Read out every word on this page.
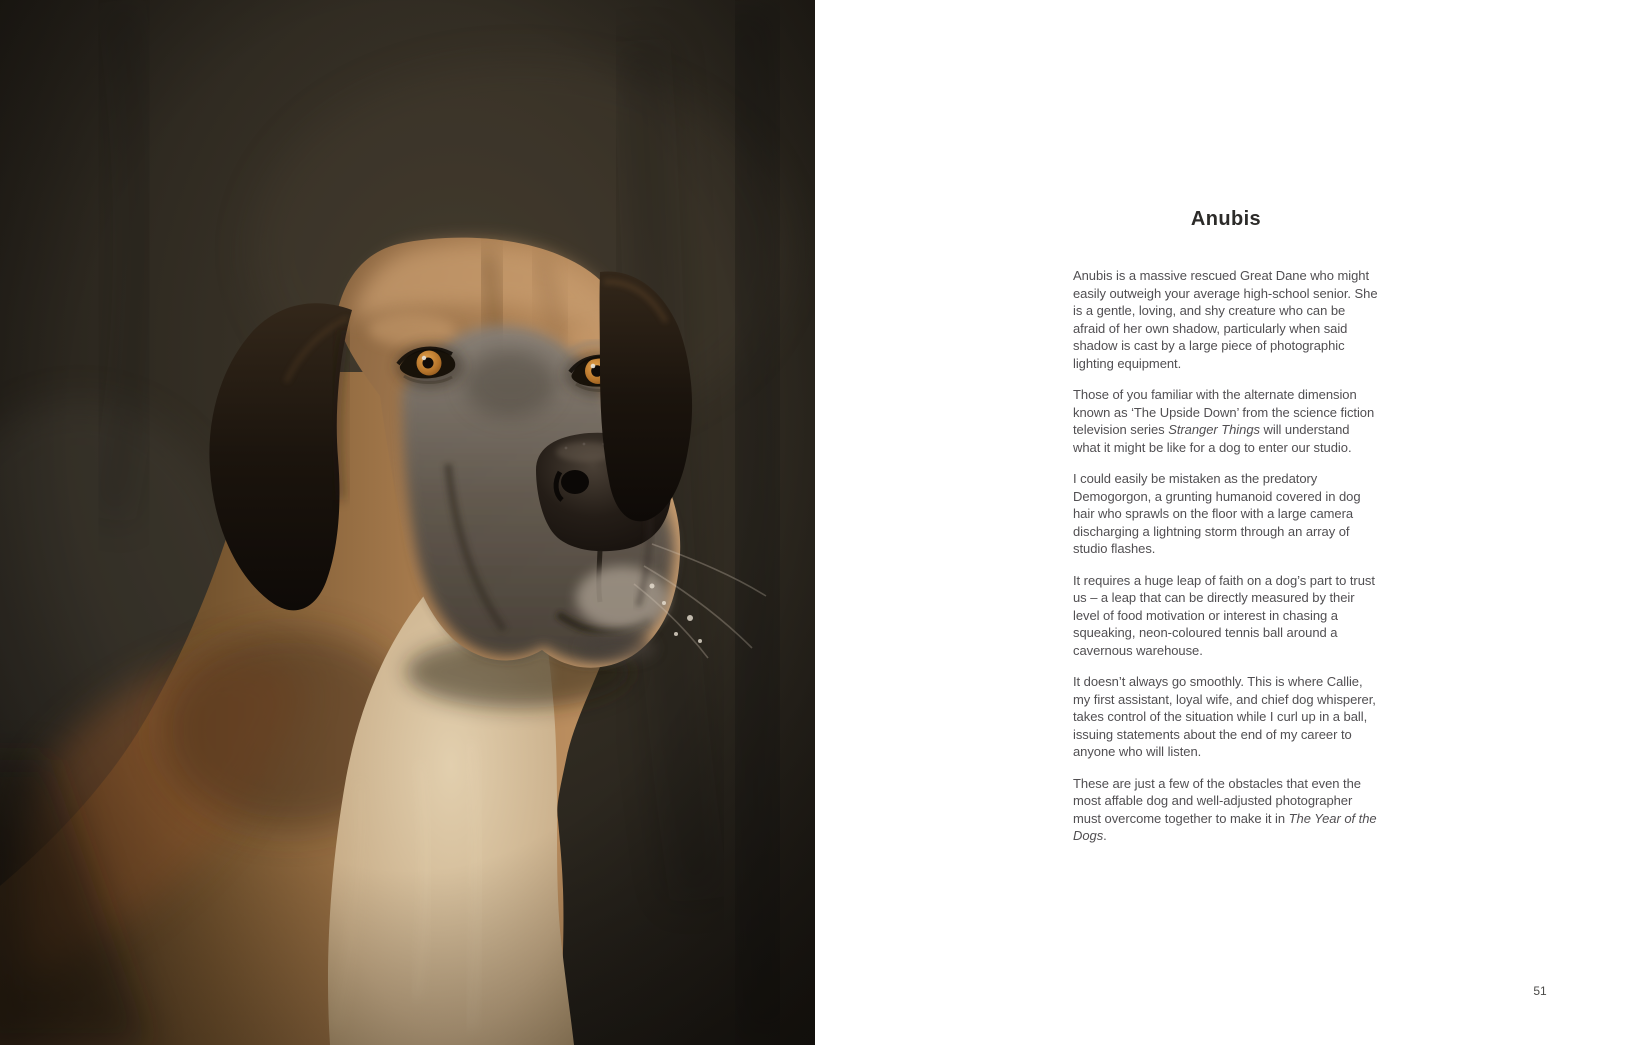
Anubis

Anubis is a massive rescued Great Dane who might easily outweigh your average high-school senior. She is a gentle, loving, and shy creature who can be afraid of her own shadow, particularly when said shadow is cast by a large piece of photographic lighting equipment.

Those of you familiar with the alternate dimension known as ‘The Upside Down’ from the science fiction television series Stranger Things will understand what it might be like for a dog to enter our studio.

I could easily be mistaken as the predatory Demogorgon, a grunting humanoid covered in dog hair who sprawls on the floor with a large camera discharging a lightning storm through an array of studio flashes.

It requires a huge leap of faith on a dog’s part to trust us – a leap that can be directly measured by their level of food motivation or interest in chasing a squeaking, neon-coloured tennis ball around a cavernous warehouse.

It doesn’t always go smoothly. This is where Callie, my first assistant, loyal wife, and chief dog whisperer, takes control of the situation while I curl up in a ball, issuing statements about the end of my career to anyone who will listen.

These are just a few of the obstacles that even the most affable dog and well-adjusted photographer must overcome together to make it in The Year of the Dogs.

51
